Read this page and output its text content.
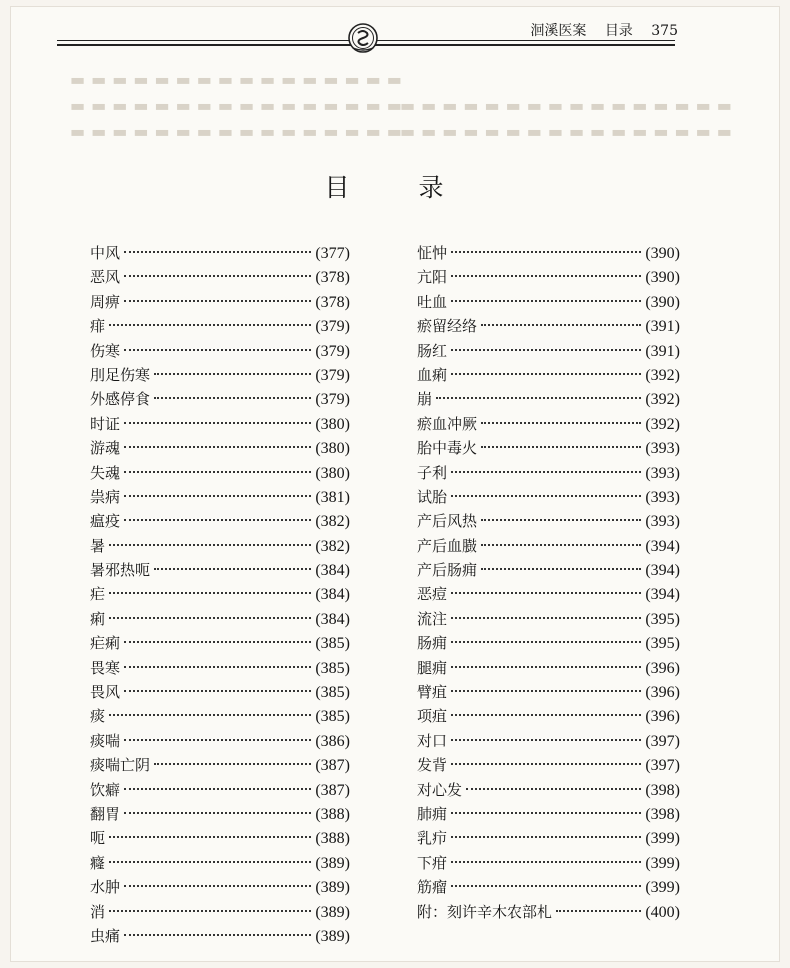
▬▬▬▬▬▬▬▬▬▬▬▬▬▬▬▬
▬▬▬▬▬▬▬▬▬▬▬▬▬▬▬▬
▬▬▬▬▬▬▬▬▬▬▬▬▬▬▬▬
▬▬▬▬▬▬▬▬▬▬▬▬▬▬▬▬
▬▬▬▬▬▬▬▬▬▬▬▬▬▬▬▬
洄溪医案 目录 375
目　录
中风	(377)
恶风	(378)
周痹	(378)
痱	(379)
伤寒	(379)
刖足伤寒	(379)
外感停食	(379)
时证	(380)
游魂	(380)
失魂	(380)
祟病	(381)
瘟疫	(382)
暑	(382)
暑邪热呃	(384)
疟	(384)
痢	(384)
疟痢	(385)
畏寒	(385)
畏风	(385)
痰	(385)
痰喘	(386)
痰喘亡阴	(387)
饮癖	(387)
翻胃	(388)
呃	(388)
癃	(389)
水肿	(389)
消	(389)
虫痛	(389)
怔忡	(390)
亢阳	(390)
吐血	(390)
瘀留经络	(391)
肠红	(391)
血痢	(392)
崩	(392)
瘀血冲厥	(392)
胎中毒火	(393)
子利	(393)
试胎	(393)
产后风热	(393)
产后血臌	(394)
产后肠痈	(394)
恶痘	(394)
流注	(395)
肠痈	(395)
腿痈	(396)
臂疽	(396)
项疽	(396)
对口	(397)
发背	(397)
对心发	(398)
肺痈	(398)
乳疖	(399)
下疳	(399)
筋瘤	(399)
附：刻许辛木农部札	(400)
